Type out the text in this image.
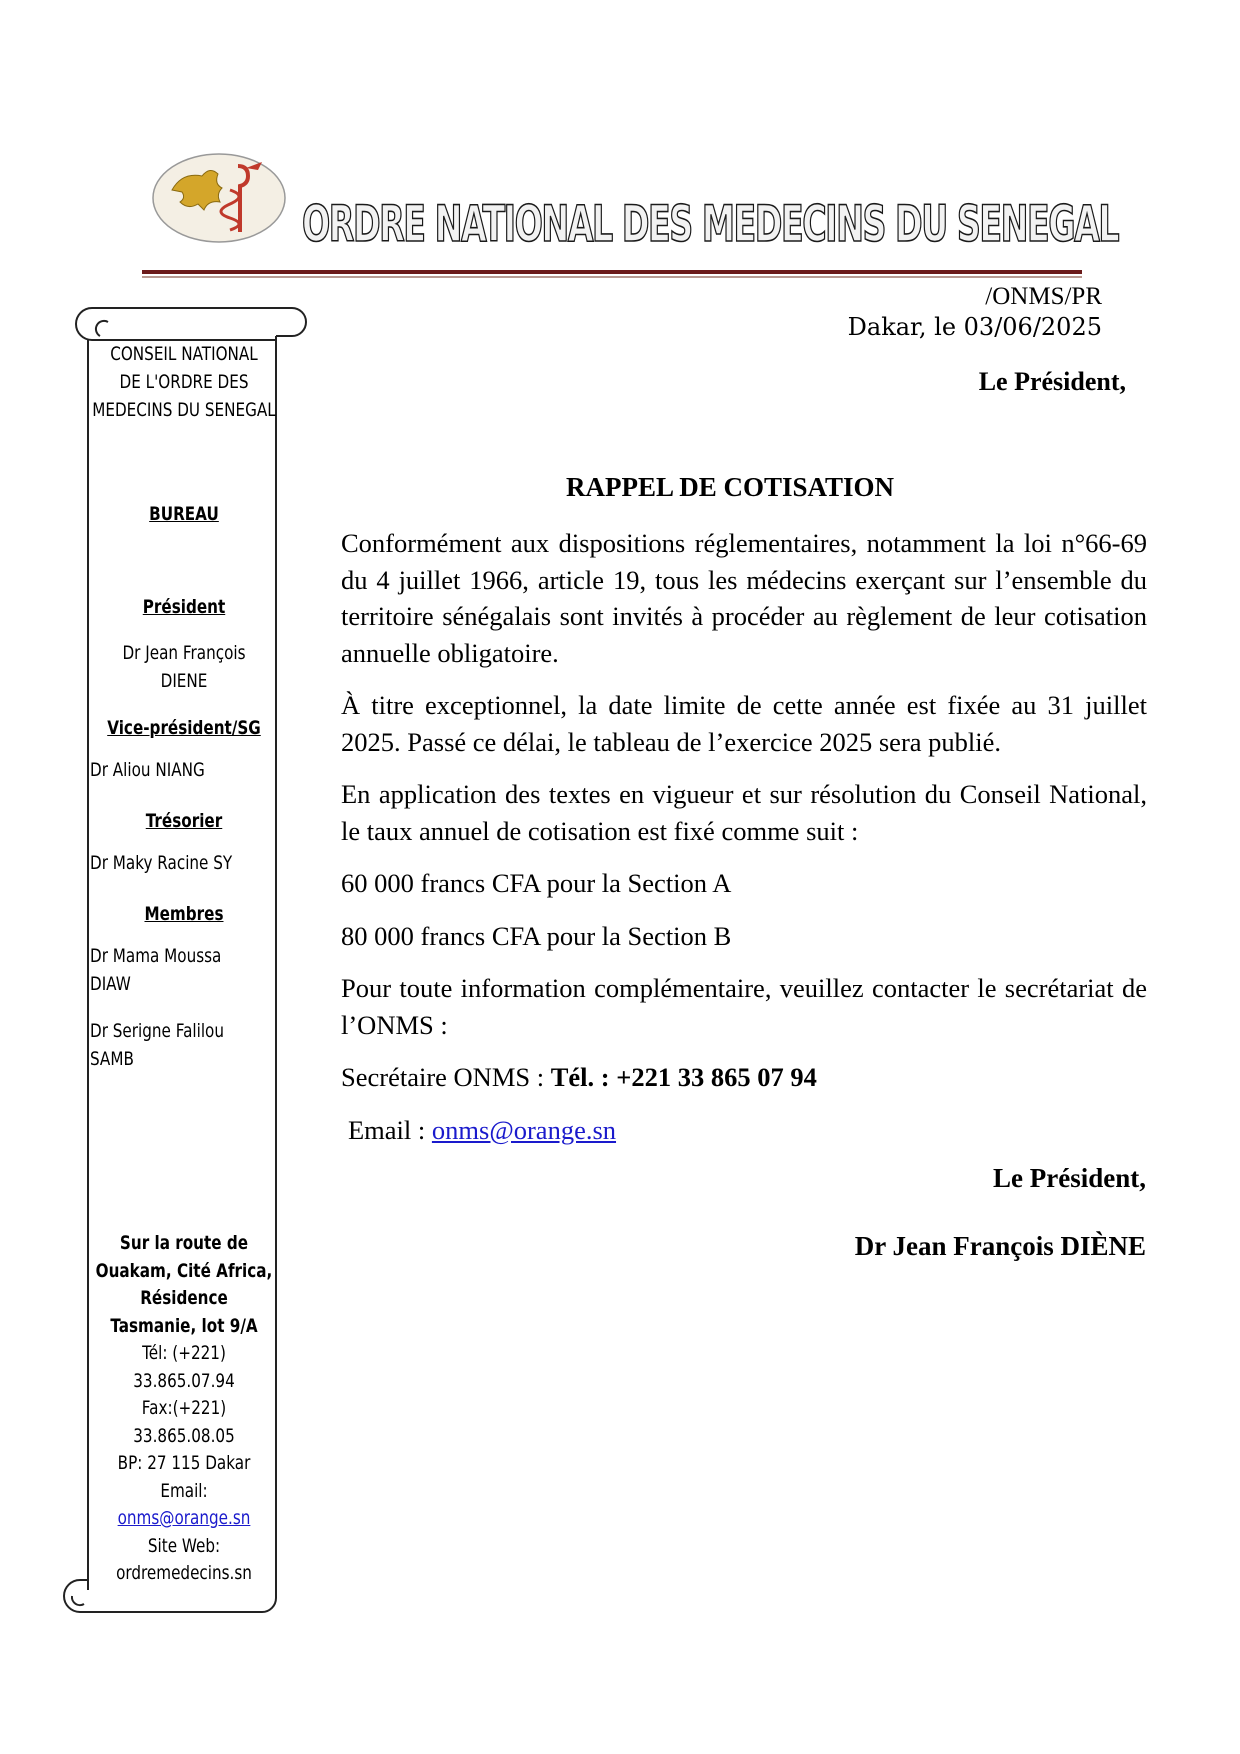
ORDRE NATIONAL DES MEDECINS DU SENEGAL
CONSEIL NATIONAL
DE L'ORDRE DES
MEDECINS DU SENEGAL
BUREAU
Président
Dr Jean François
DIENE
Vice-président/SG
Dr Aliou NIANG
Trésorier
Dr Maky Racine SY
Membres
Dr Mama Moussa
DIAW
Dr Serigne Falilou
SAMB
Sur la route de
Ouakam, Cité Africa,
Résidence
Tasmanie, lot 9/A
Tél: (+221)
33.865.07.94
Fax:(+221)
33.865.08.05
BP: 27 115 Dakar
Email:
onms@orange.sn
Site Web:
ordremedecins.sn
/ONMS/PR
Dakar, le 03/06/2025
Le Président,
RAPPEL DE COTISATION

Conformément aux dispositions réglementaires, notamment la loi n°66-69 du 4 juillet 1966, article 19, tous les médecins exerçant sur l’ensemble du territoire sénégalais sont invités à procéder au règlement de leur cotisation annuelle obligatoire.

À titre exceptionnel, la date limite de cette année est fixée au 31 juillet 2025. Passé ce délai, le tableau de l’exercice 2025 sera publié.

En application des textes en vigueur et sur résolution du Conseil National, le taux annuel de cotisation est fixé comme suit :

60 000 francs CFA pour la Section A

80 000 francs CFA pour la Section B

Pour toute information complémentaire, veuillez contacter le secrétariat de l’ONMS :

Secrétaire ONMS : Tél. : +221 33 865 07 94

Email : onms@orange.sn

Le Président,
Dr Jean François DIÈNE
